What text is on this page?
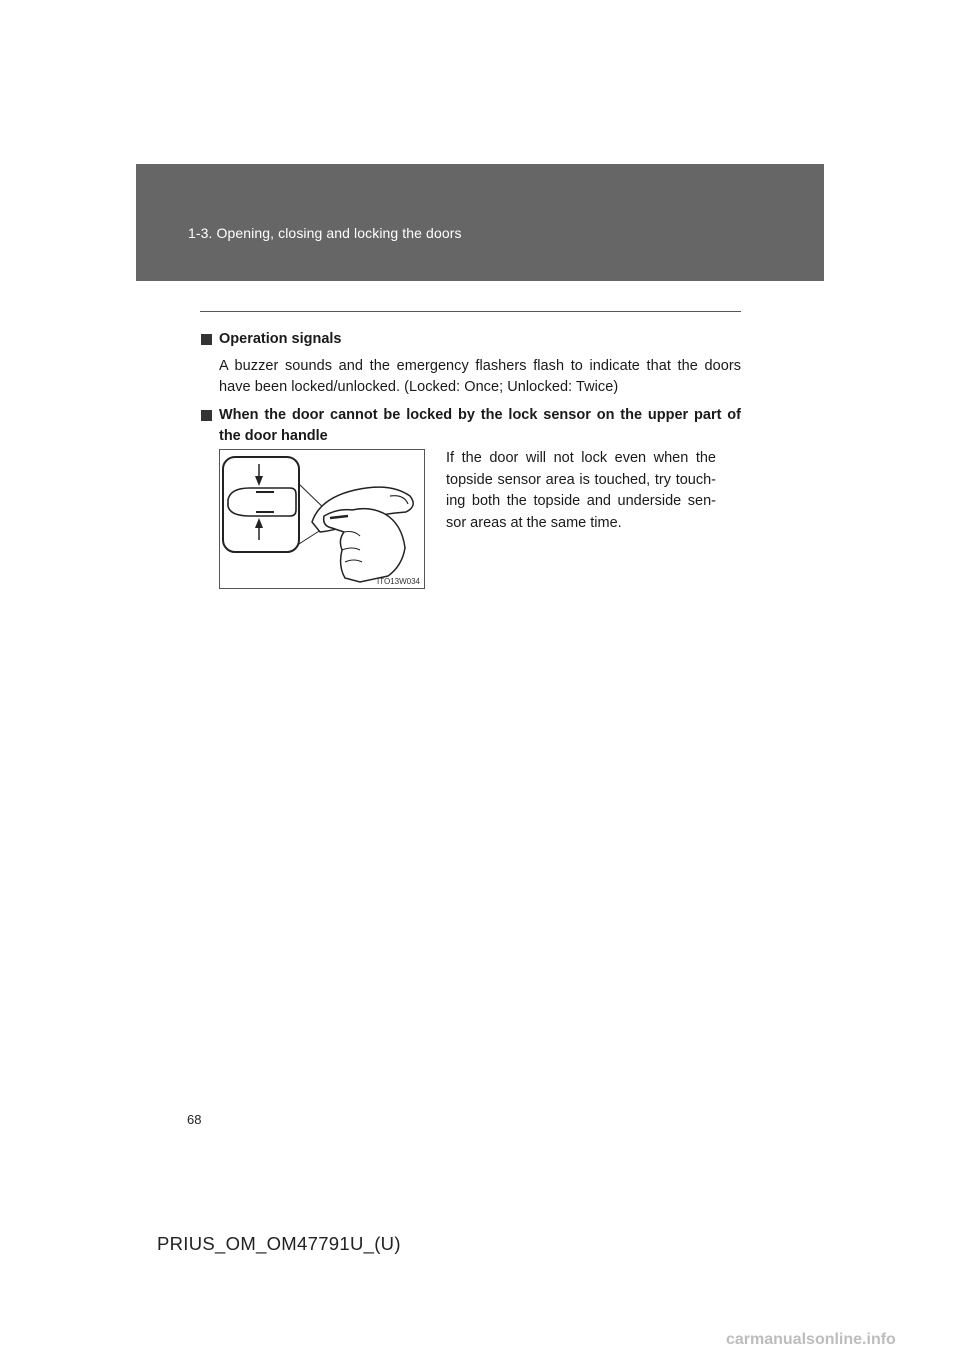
1-3. Opening, closing and locking the doors
Operation signals
A buzzer sounds and the emergency flashers flash to indicate that the doors have been locked/unlocked. (Locked: Once; Unlocked: Twice)
When the door cannot be locked by the lock sensor on the upper part of the door handle
ITO13W034
If the door will not lock even when the topside sensor area is touched, try touch-ing both the topside and underside sen-sor areas at the same time.
68
PRIUS_OM_OM47791U_(U)
carmanualsonline.info
